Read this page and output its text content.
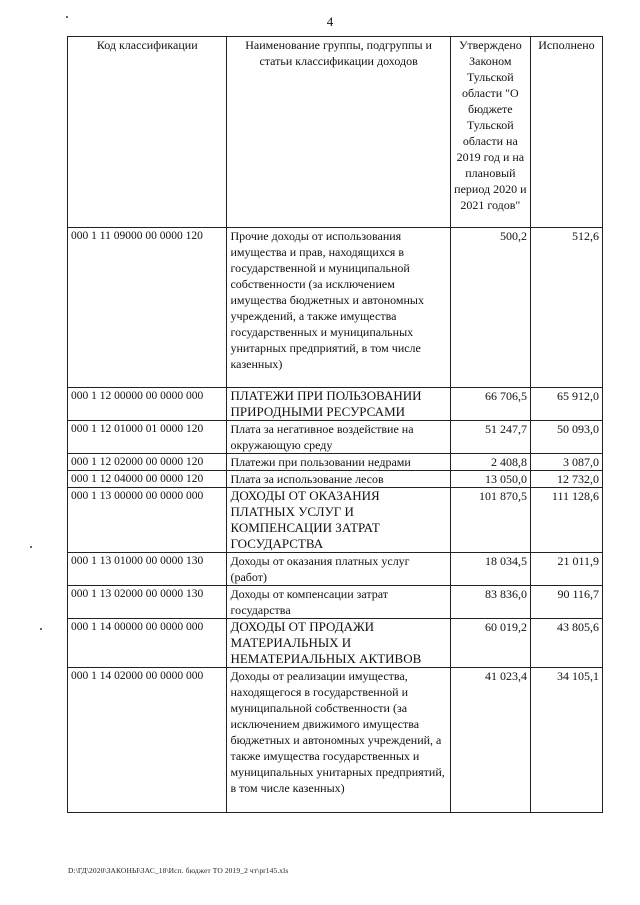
4
Код классификации	Наименование группы, подгруппы и статьи классификации доходов	Утверждено Законом Тульской области "О бюджете Тульской области на 2019 год и на плановый период 2020 и 2021 годов"	Исполнено
000 1 11 09000 00 0000 120	Прочие доходы от использования имущества и прав, находящихся в государственной и муниципальной собственности (за исключением имущества бюджетных и автономных учреждений, а также имущества государственных и муниципальных унитарных предприятий, в том числе казенных)	500,2	512,6
000 1 12 00000 00 0000 000	ПЛАТЕЖИ ПРИ ПОЛЬЗОВАНИИ ПРИРОДНЫМИ РЕСУРСАМИ	66 706,5	65 912,0
000 1 12 01000 01 0000 120	Плата за негативное воздействие на окружающую среду	51 247,7	50 093,0
000 1 12 02000 00 0000 120	Платежи при пользовании недрами	2 408,8	3 087,0
000 1 12 04000 00 0000 120	Плата за использование лесов	13 050,0	12 732,0
000 1 13 00000 00 0000 000	ДОХОДЫ ОТ ОКАЗАНИЯ ПЛАТНЫХ УСЛУГ И КОМПЕНСАЦИИ ЗАТРАТ ГОСУДАРСТВА	101 870,5	111 128,6
000 1 13 01000 00 0000 130	Доходы от оказания платных услуг (работ)	18 034,5	21 011,9
000 1 13 02000 00 0000 130	Доходы от компенсации затрат государства	83 836,0	90 116,7
000 1 14 00000 00 0000 000	ДОХОДЫ ОТ ПРОДАЖИ МАТЕРИАЛЬНЫХ И НЕМАТЕРИАЛЬНЫХ АКТИВОВ	60 019,2	43 805,6
000 1 14 02000 00 0000 000	Доходы от реализации имущества, находящегося в государственной и муниципальной собственности (за исключением движимого имущества бюджетных и автономных учреждений, а также имущества государственных и муниципальных унитарных предприятий, в том числе казенных)	41 023,4	34 105,1
D:\ГД\2020\ЗАКОНЫ\ЗАС_18\Исп. бюджет ТО 2019_2 чт\pr145.xls
